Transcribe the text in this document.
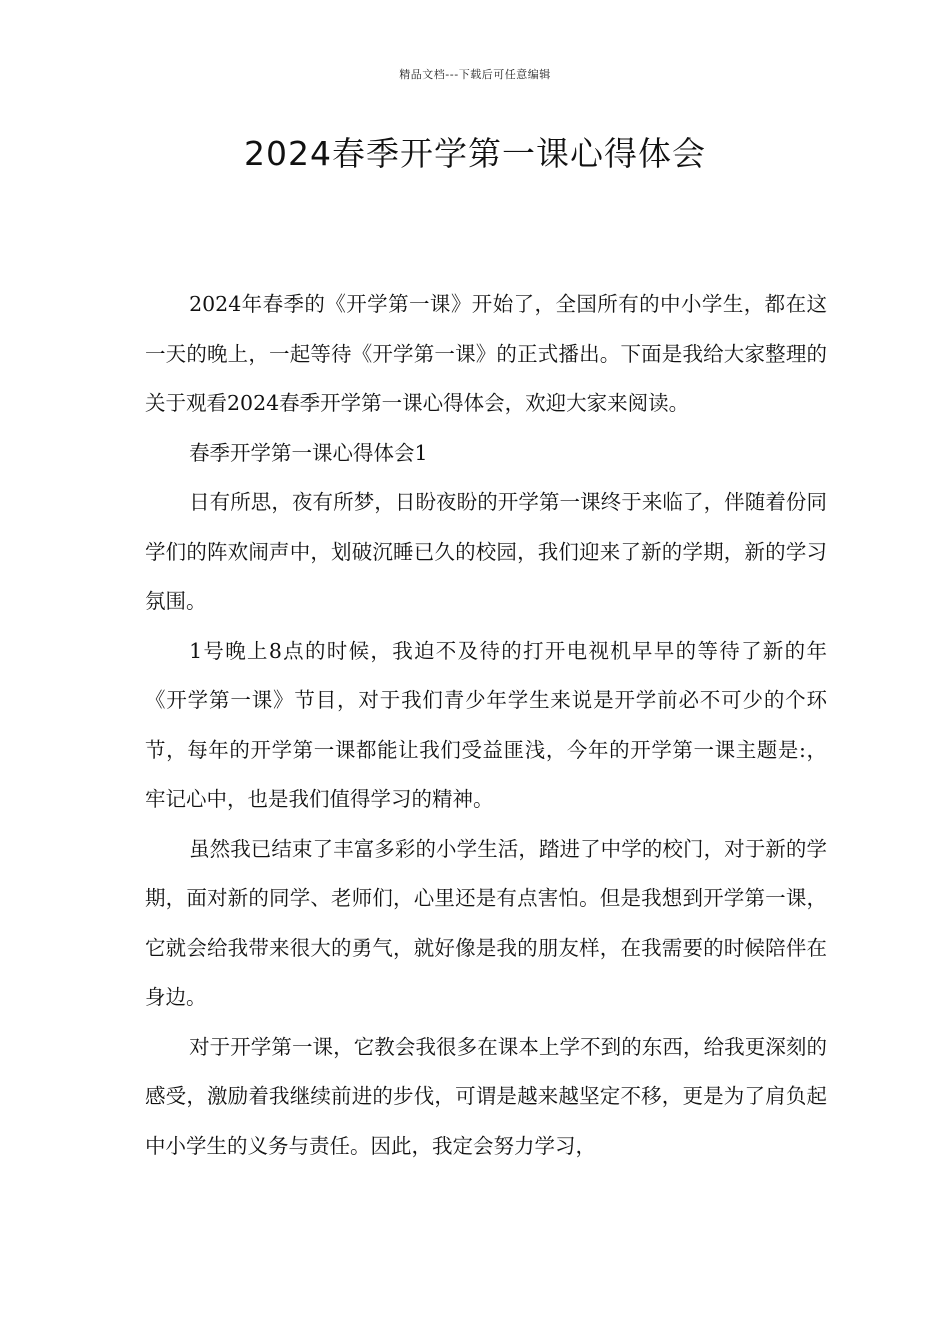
精品文档---下载后可任意编辑
2024春季开学第一课心得体会

2024年春季的《开学第一课》开始了，全国所有的中小学生，都在这一天的晚上，一起等待《开学第一课》的正式播出。下面是我给大家整理的关于观看2024春季开学第一课心得体会，欢迎大家来阅读。

春季开学第一课心得体会1

日有所思，夜有所梦，日盼夜盼的开学第一课终于来临了，伴随着份同学们的阵欢闹声中，划破沉睡已久的校园，我们迎来了新的学期，新的学习氛围。

1号晚上8点的时候，我迫不及待的打开电视机早早的等待了新的年《开学第一课》节目，对于我们青少年学生来说是开学前必不可少的个环节，每年的开学第一课都能让我们受益匪浅，今年的开学第一课主题是:，牢记心中，也是我们值得学习的精神。

虽然我已结束了丰富多彩的小学生活，踏进了中学的校门，对于新的学期，面对新的同学、老师们，心里还是有点害怕。但是我想到开学第一课，它就会给我带来很大的勇气，就好像是我的朋友样，在我需要的时候陪伴在身边。

对于开学第一课，它教会我很多在课本上学不到的东西，给我更深刻的感受，激励着我继续前进的步伐，可谓是越来越坚定不移，更是为了肩负起中小学生的义务与责任。因此，我定会努力学习，
